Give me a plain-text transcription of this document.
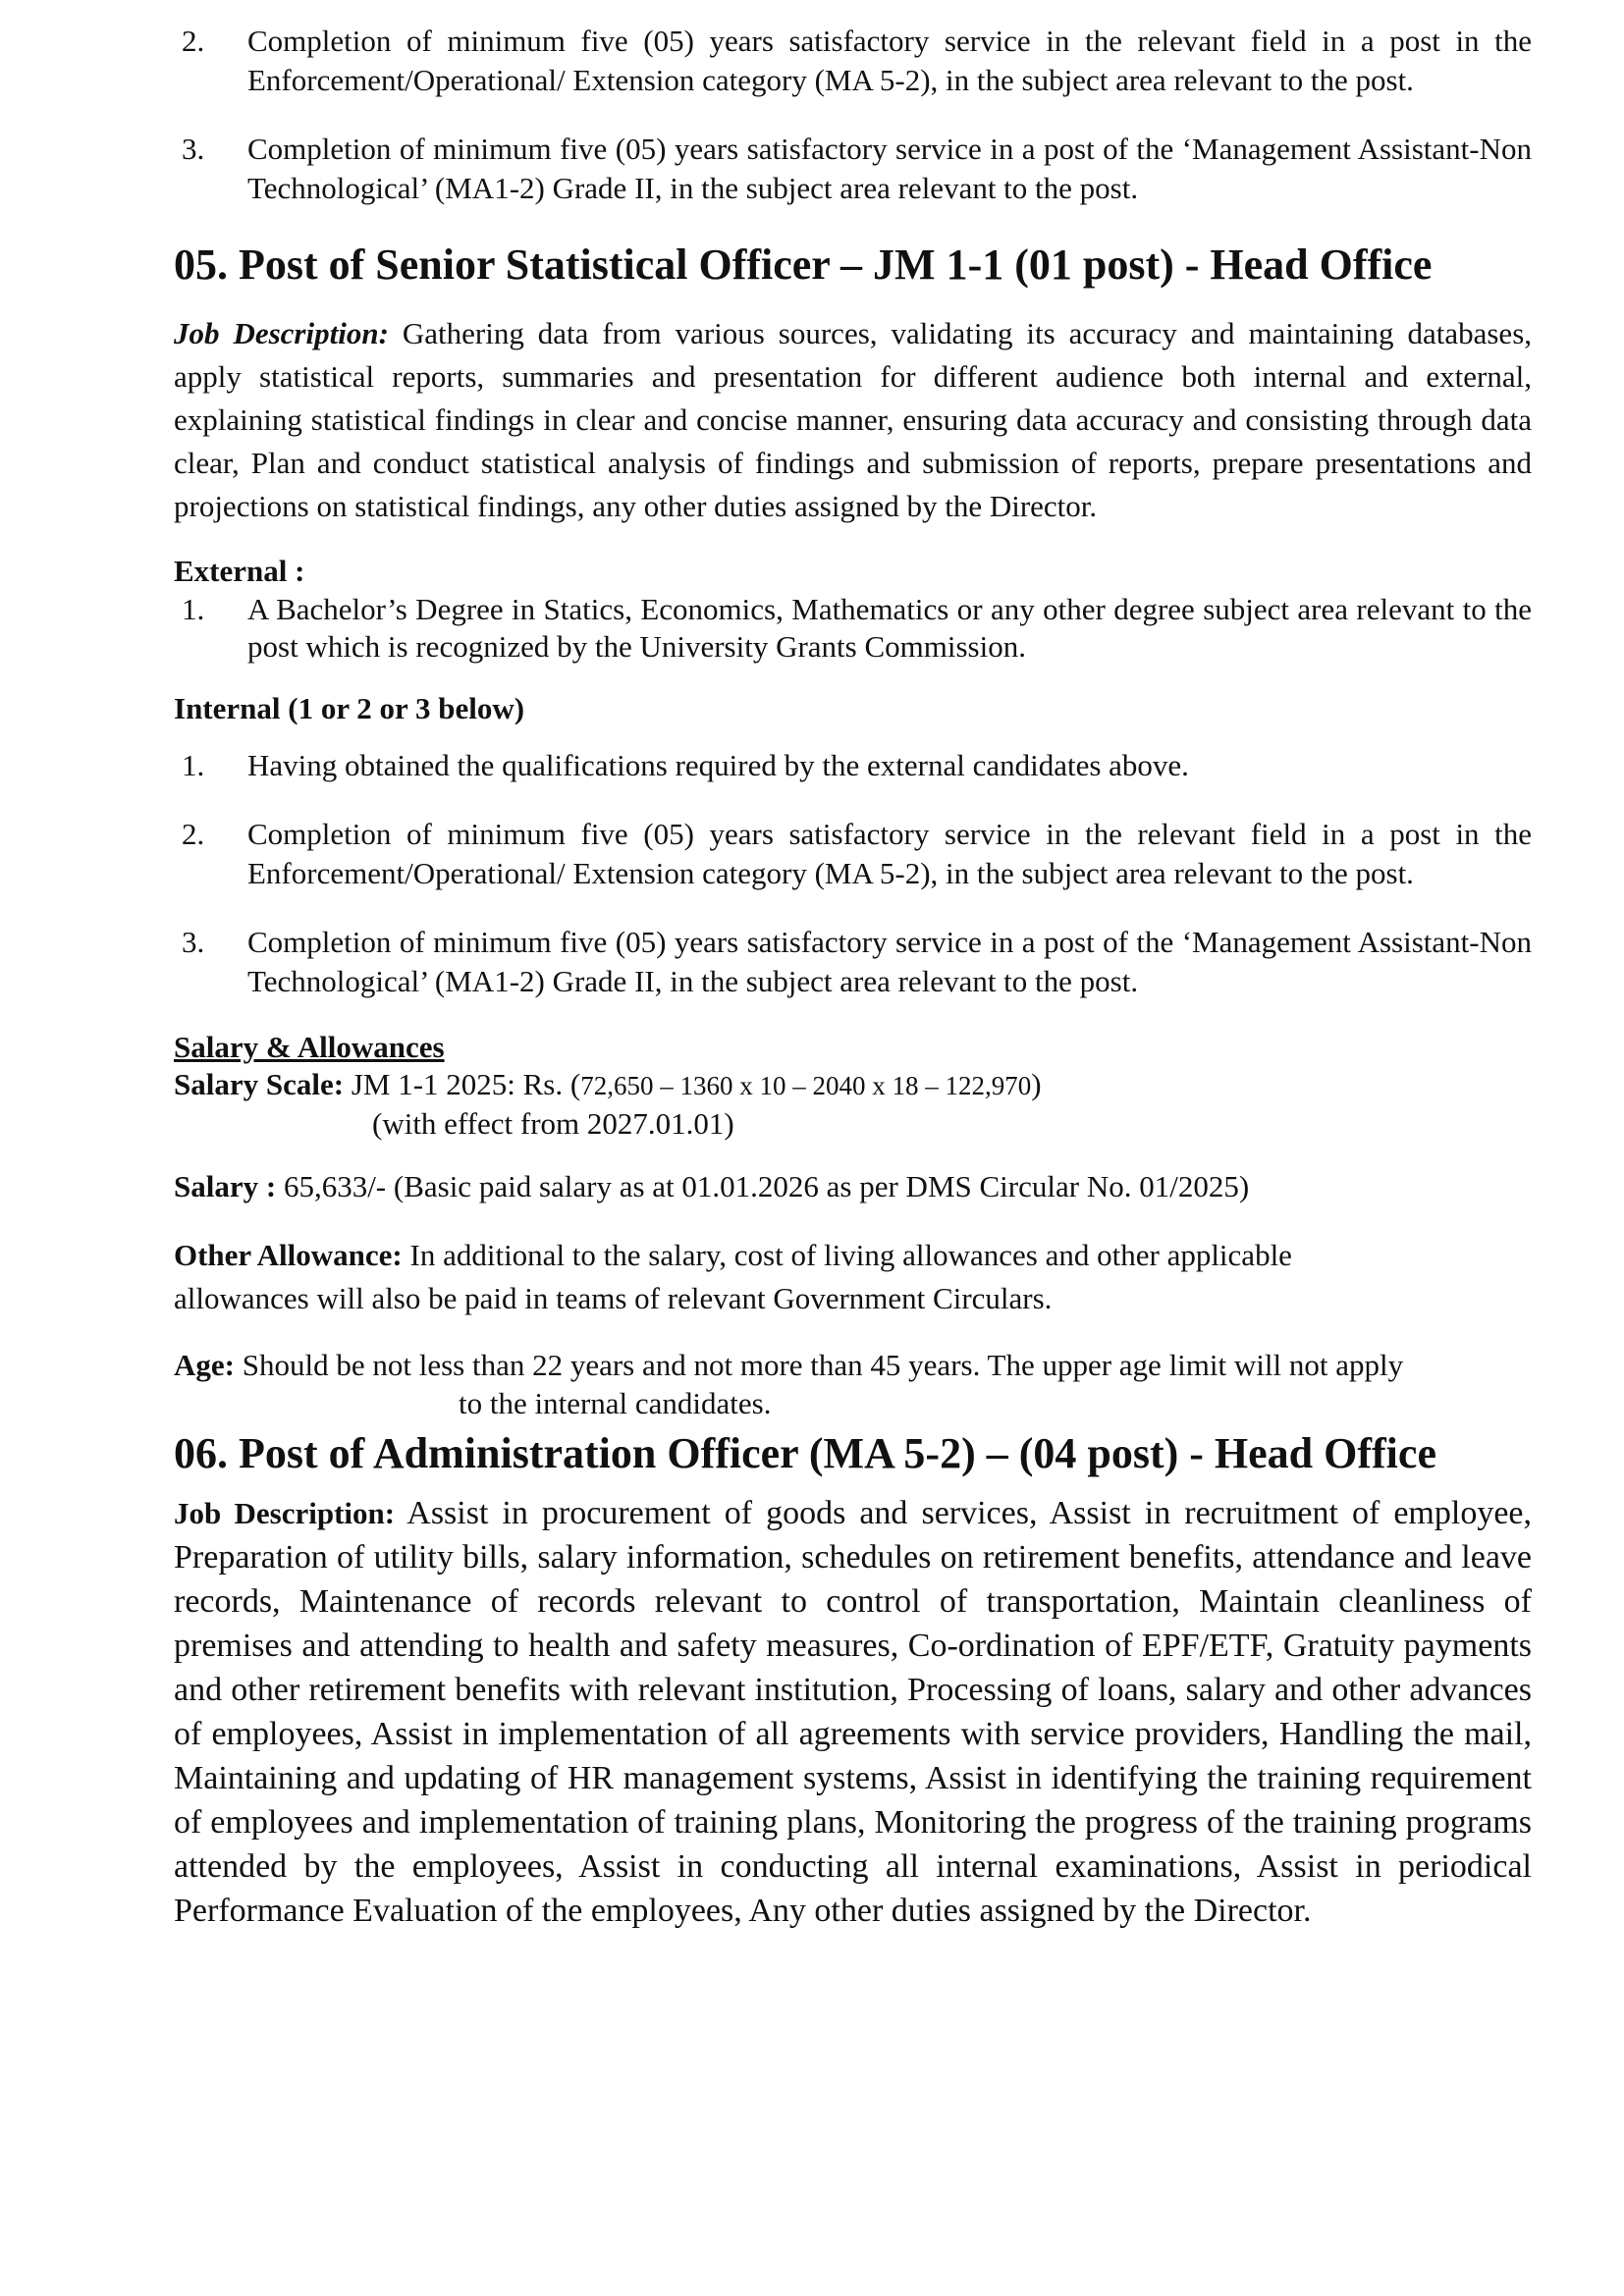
2. Completion of minimum five (05) years satisfactory service in the relevant field in a post in the Enforcement/Operational/ Extension category (MA 5-2), in the subject area relevant to the post.

3. Completion of minimum five (05) years satisfactory service in a post of the ‘Management Assistant-Non Technological’ (MA1-2) Grade II, in the subject area relevant to the post.

05. Post of Senior Statistical Officer – JM 1-1 (01 post) - Head Office

Job Description: Gathering data from various sources, validating its accuracy and maintaining databases, apply statistical reports, summaries and presentation for different audience both internal and external, explaining statistical findings in clear and concise manner, ensuring data accuracy and consisting through data clear, Plan and conduct statistical analysis of findings and submission of reports, prepare presentations and projections on statistical findings, any other duties assigned by the Director.

External :

1. A Bachelor’s Degree in Statics, Economics, Mathematics or any other degree subject area relevant to the post which is recognized by the University Grants Commission.

Internal (1 or 2 or 3 below)

1. Having obtained the qualifications required by the external candidates above.

2. Completion of minimum five (05) years satisfactory service in the relevant field in a post in the Enforcement/Operational/ Extension category (MA 5-2), in the subject area relevant to the post.

3. Completion of minimum five (05) years satisfactory service in a post of the ‘Management Assistant-Non Technological’ (MA1-2) Grade II, in the subject area relevant to the post.

Salary & Allowances

Salary Scale: JM 1-1 2025: Rs. (72,650 – 1360 x 10 – 2040 x 18 – 122,970)

(with effect from 2027.01.01)

Salary : 65,633/- (Basic paid salary as at 01.01.2026 as per DMS Circular No. 01/2025)

Other Allowance: In additional to the salary, cost of living allowances and other applicable allowances will also be paid in teams of relevant Government Circulars.

Age: Should be not less than 22 years and not more than 45 years. The upper age limit will not apply

to the internal candidates.

06. Post of Administration Officer (MA 5-2) – (04 post) - Head Office

Job Description: Assist in procurement of goods and services, Assist in recruitment of employee, Preparation of utility bills, salary information, schedules on retirement benefits, attendance and leave records, Maintenance of records relevant to control of transportation, Maintain cleanliness of premises and attending to health and safety measures, Co-ordination of EPF/ETF, Gratuity payments and other retirement benefits with relevant institution, Processing of loans, salary and other advances of employees, Assist in implementation of all agreements with service providers, Handling the mail, Maintaining and updating of HR management systems, Assist in identifying the training requirement of employees and implementation of training plans, Monitoring the progress of the training programs attended by the employees, Assist in conducting all internal examinations, Assist in periodical Performance Evaluation of the employees, Any other duties assigned by the Director.
